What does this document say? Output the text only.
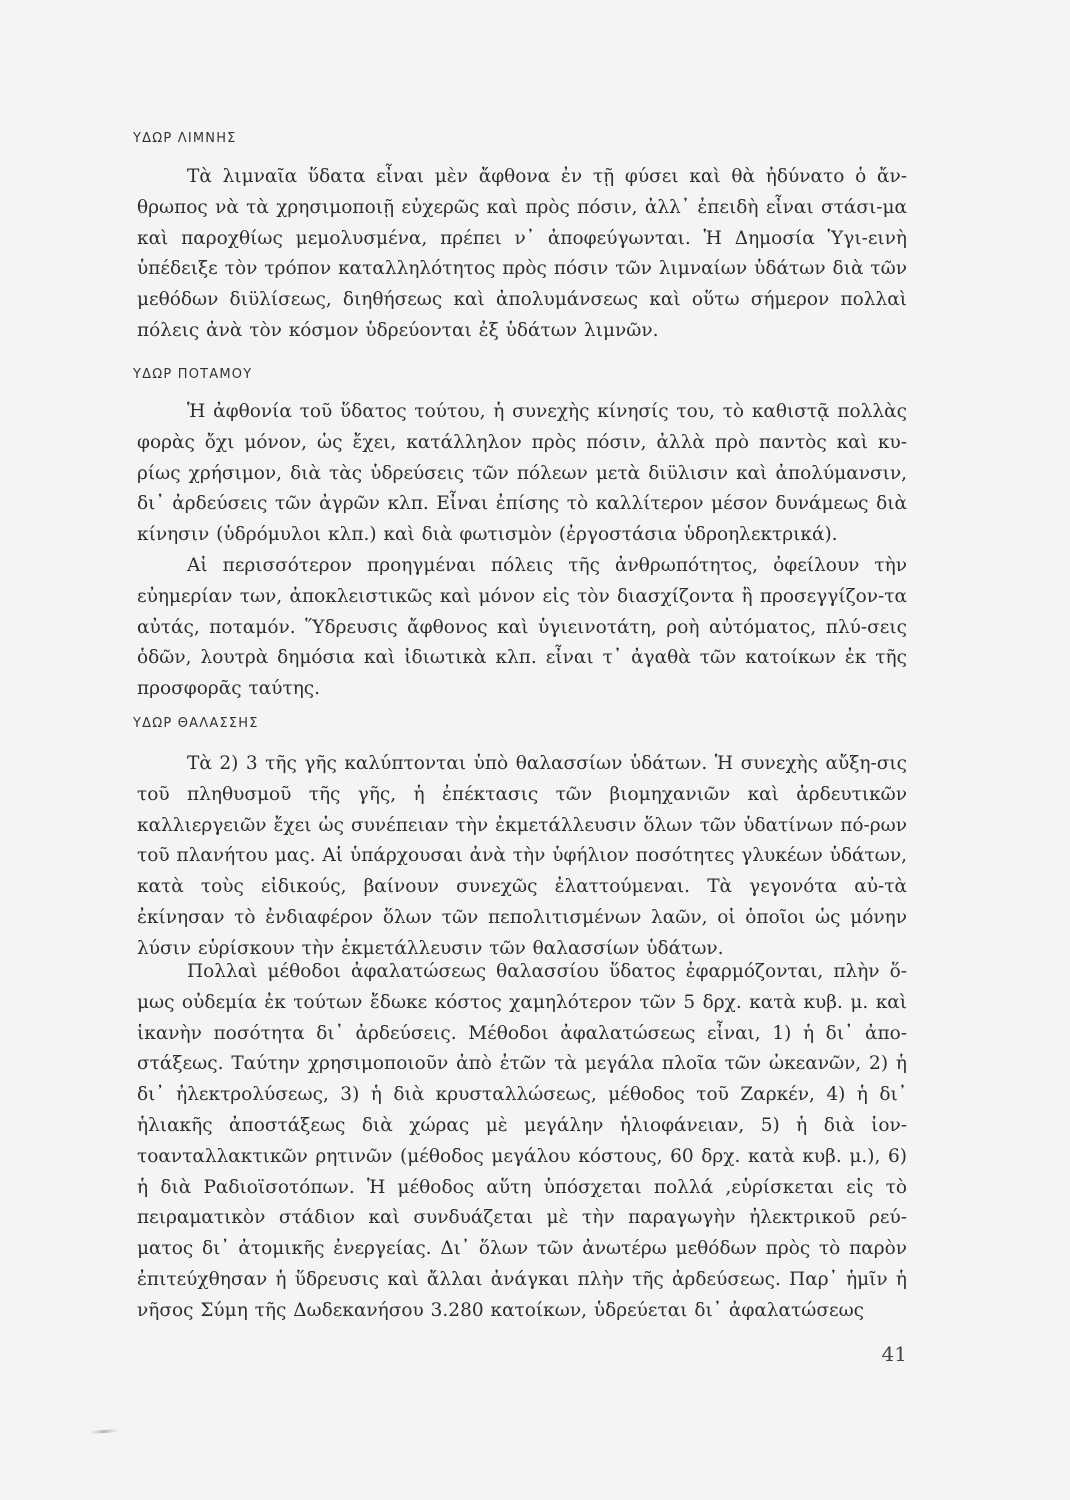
ΥΔΩΡ ΛΙΜΝΗΣ

Τὰ λιμναῖα ὕδατα εἶναι μὲν ἄφθονα ἐν τῇ φύσει καὶ θὰ ἠδύνατο ὁ ἄν-θρωπος νὰ τὰ χρησιμοποιῇ εὐχερῶς καὶ πρὸς πόσιν, ἀλλ᾽ ἐπειδὴ εἶναι στάσι-μα καὶ παροχθίως μεμολυσμένα, πρέπει ν᾽ ἀποφεύγωνται. Ἡ Δημοσία Ὑγι-εινὴ ὑπέδειξε τὸν τρόπον καταλληλότητος πρὸς πόσιν τῶν λιμναίων ὑδάτων διὰ τῶν μεθόδων διϋλίσεως, διηθήσεως καὶ ἀπολυμάνσεως καὶ οὕτω σήμερον πολλαὶ πόλεις ἀνὰ τὸν κόσμον ὑδρεύονται ἐξ ὑδάτων λιμνῶν.

ΥΔΩΡ ΠΟΤΑΜΟΥ

Ἡ ἀφθονία τοῦ ὕδατος τούτου, ἡ συνεχὴς κίνησίς του, τὸ καθιστᾷ πολλὰς φορὰς ὄχι μόνον, ὡς ἔχει, κατάλληλον πρὸς πόσιν, ἀλλὰ πρὸ παντὸς καὶ κυ-ρίως χρήσιμον, διὰ τὰς ὑδρεύσεις τῶν πόλεων μετὰ διϋλισιν καὶ ἀπολύμανσιν, δι᾽ ἀρδεύσεις τῶν ἀγρῶν κλπ. Εἶναι ἐπίσης τὸ καλλίτερον μέσον δυνάμεως διὰ κίνησιν (ὑδρόμυλοι κλπ.) καὶ διὰ φωτισμὸν (ἐργοστάσια ὑδροηλεκτρικά).

Αἱ περισσότερον προηγμέναι πόλεις τῆς ἀνθρωπότητος, ὀφείλουν τὴν εὐημερίαν των, ἀποκλειστικῶς καὶ μόνον εἰς τὸν διασχίζοντα ἢ προσεγγίζον-τα αὐτάς, ποταμόν. Ὕδρευσις ἄφθονος καὶ ὑγιεινοτάτη, ροὴ αὐτόματος, πλύ-σεις ὁδῶν, λουτρὰ δημόσια καὶ ἰδιωτικὰ κλπ. εἶναι τ᾽ ἀγαθὰ τῶν κατοίκων ἐκ τῆς προσφορᾶς ταύτης.

ΥΔΩΡ ΘΑΛΑΣΣΗΣ

Τὰ 2) 3 τῆς γῆς καλύπτονται ὑπὸ θαλασσίων ὑδάτων. Ἡ συνεχὴς αὔξη-σις τοῦ πληθυσμοῦ τῆς γῆς, ἡ ἐπέκτασις τῶν βιομηχανιῶν καὶ ἀρδευτικῶν καλλιεργειῶν ἔχει ὡς συνέπειαν τὴν ἐκμετάλλευσιν ὅλων τῶν ὑδατίνων πό-ρων τοῦ πλανήτου μας. Αἱ ὑπάρχουσαι ἀνὰ τὴν ὑφήλιον ποσότητες γλυκέων ὑδάτων, κατὰ τοὺς εἰδικούς, βαίνουν συνεχῶς ἐλαττούμεναι. Τὰ γεγονότα αὐ-τὰ ἐκίνησαν τὸ ἐνδιαφέρον ὅλων τῶν πεπολιτισμένων λαῶν, οἱ ὁποῖοι ὡς μόνην λύσιν εὑρίσκουν τὴν ἐκμετάλλευσιν τῶν θαλασσίων ὑδάτων.

Πολλαὶ μέθοδοι ἀφαλατώσεως θαλασσίου ὕδατος ἐφαρμόζονται, πλὴν ὅ-μως οὐδεμία ἐκ τούτων ἔδωκε κόστος χαμηλότερον τῶν 5 δρχ. κατὰ κυβ. μ. καὶ ἱκανὴν ποσότητα δι᾽ ἀρδεύσεις. Μέθοδοι ἀφαλατώσεως εἶναι, 1) ἡ δι᾽ ἀπο-στάξεως. Ταύτην χρησιμοποιοῦν ἀπὸ ἐτῶν τὰ μεγάλα πλοῖα τῶν ὠκεανῶν, 2) ἡ δι᾽ ἠλεκτρολύσεως, 3) ἡ διὰ κρυσταλλώσεως, μέθοδος τοῦ Ζαρκέν, 4) ἡ δι᾽ ἡλιακῆς ἀποστάξεως διὰ χώρας μὲ μεγάλην ἡλιοφάνειαν, 5) ἡ διὰ ἰον-τοανταλλακτικῶν ρητινῶν (μέθοδος μεγάλου κόστους, 60 δρχ. κατὰ κυβ. μ.), 6) ἡ διὰ Ραδιοϊσοτόπων. Ἡ μέθοδος αὕτη ὑπόσχεται πολλά ,εὑρίσκεται εἰς τὸ πειραματικὸν στάδιον καὶ συνδυάζεται μὲ τὴν παραγωγὴν ἠλεκτρικοῦ ρεύ-ματος δι᾽ ἀτομικῆς ἐνεργείας. Δι᾽ ὅλων τῶν ἀνωτέρω μεθόδων πρὸς τὸ παρὸν ἐπιτεύχθησαν ἡ ὕδρευσις καὶ ἄλλαι ἀνάγκαι πλὴν τῆς ἀρδεύσεως. Παρ᾽ ἡμῖν ἡ νῆσος Σύμη τῆς Δωδεκανήσου 3.280 κατοίκων, ὑδρεύεται δι᾽ ἀφαλατώσεως

41
